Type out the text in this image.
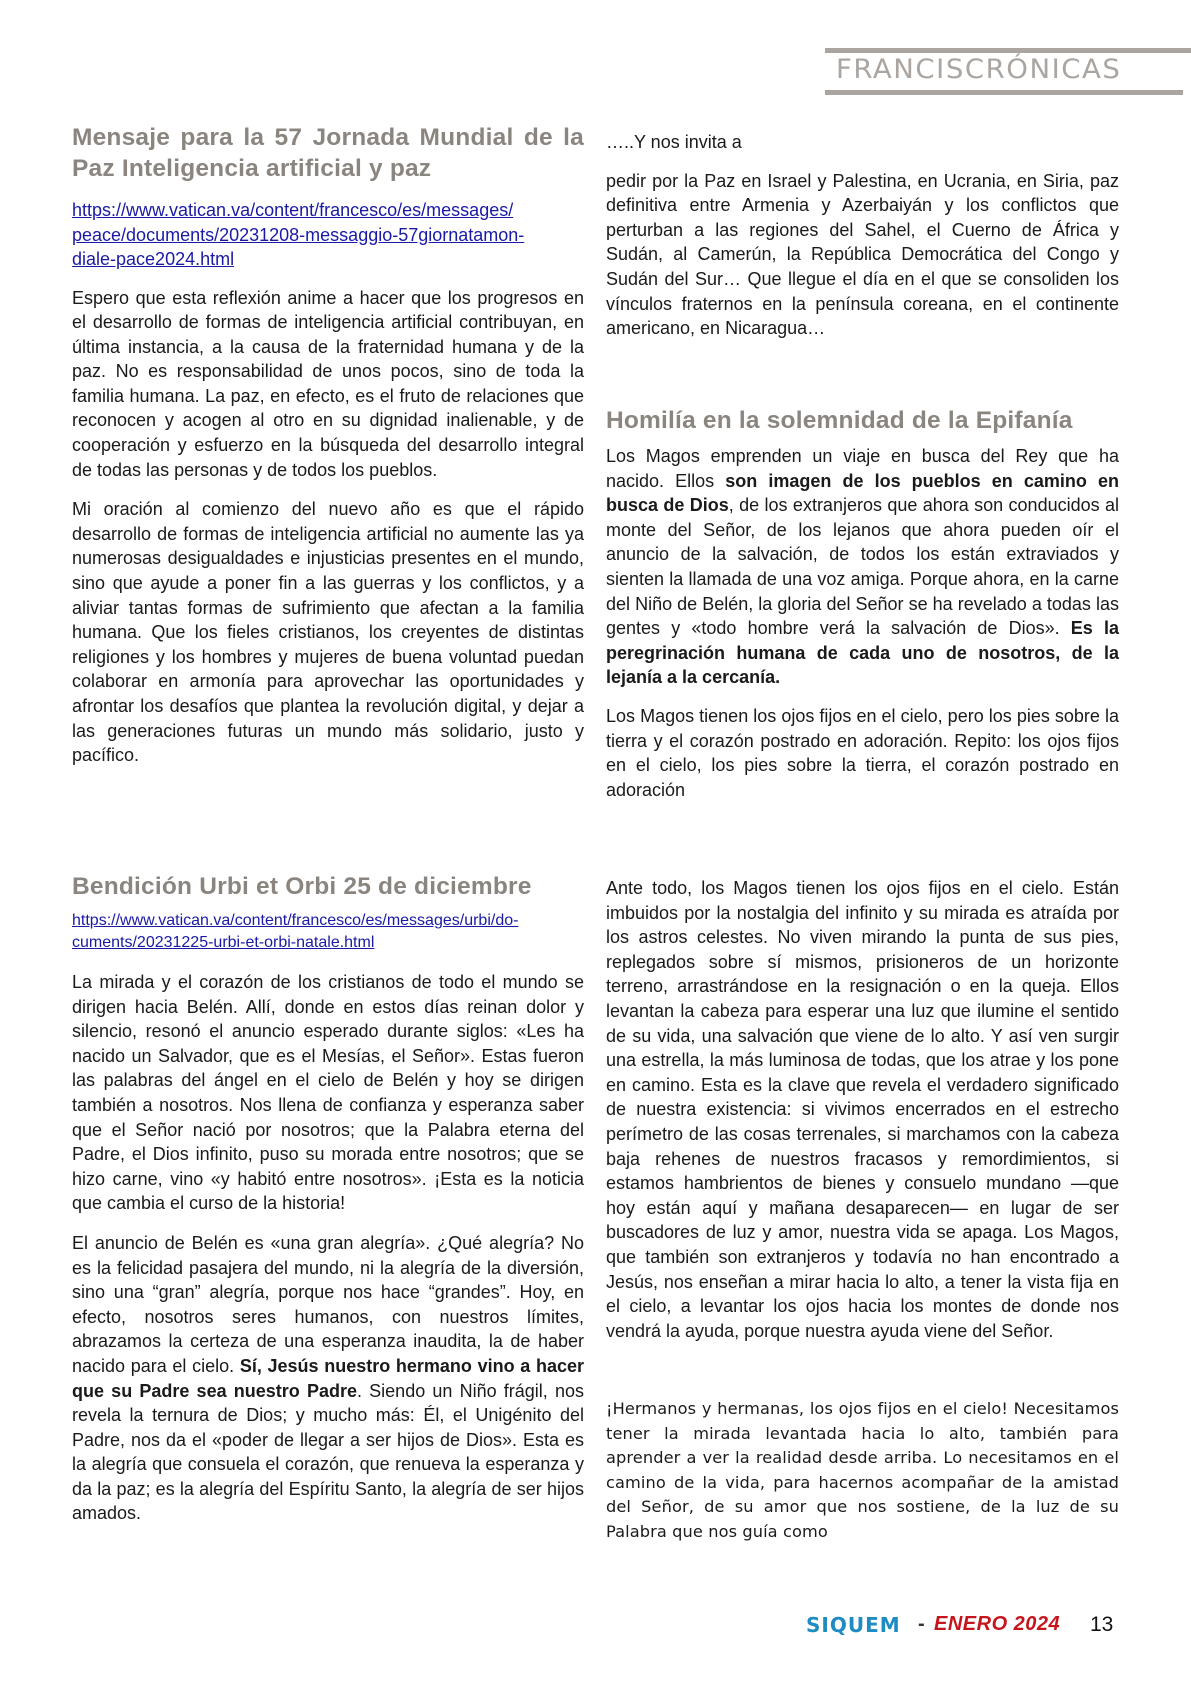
FRANCISCRÓNICAS
Mensaje para la 57 Jornada Mundial de la Paz Inteligencia artificial y paz
https://www.vatican.va/content/francesco/es/messages/
peace/documents/20231208-messaggio-57giornatamon-
diale-pace2024.html

Espero que esta reflexión anime a hacer que los progresos en el desarrollo de formas de inteligencia artificial contribuyan, en última instancia, a la causa de la fraternidad humana y de la paz. No es responsabilidad de unos pocos, sino de toda la familia humana. La paz, en efecto, es el fruto de relaciones que reconocen y acogen al otro en su dignidad inalienable, y de cooperación y esfuerzo en la búsqueda del desarrollo integral de todas las personas y de todos los pueblos.

Mi oración al comienzo del nuevo año es que el rápido desarrollo de formas de inteligencia artificial no aumente las ya numerosas desigualdades e injusticias presentes en el mundo, sino que ayude a poner fin a las guerras y los conflictos, y a aliviar tantas formas de sufrimiento que afectan a la familia humana. Que los fieles cristianos, los creyentes de distintas religiones y los hombres y mujeres de buena voluntad puedan colaborar en armonía para aprovechar las oportunidades y afrontar los desafíos que plantea la revolución digital, y dejar a las generaciones futuras un mundo más solidario, justo y pacífico.

Bendición Urbi et Orbi 25 de diciembre
https://www.vatican.va/content/francesco/es/messages/urbi/do-
cuments/20231225-urbi-et-orbi-natale.html

La mirada y el corazón de los cristianos de todo el mundo se dirigen hacia Belén. Allí, donde en estos días reinan dolor y silencio, resonó el anuncio esperado durante siglos: «Les ha nacido un Salvador, que es el Mesías, el Señor». Estas fueron las palabras del ángel en el cielo de Belén y hoy se dirigen también a nosotros. Nos llena de confianza y esperanza saber que el Señor nació por nosotros; que la Palabra eterna del Padre, el Dios infinito, puso su morada entre nosotros; que se hizo carne, vino «y habitó entre nosotros». ¡Esta es la noticia que cambia el curso de la historia!

El anuncio de Belén es «una gran alegría». ¿Qué alegría? No es la felicidad pasajera del mundo, ni la alegría de la diversión, sino una “gran” alegría, porque nos hace “grandes”. Hoy, en efecto, nosotros seres humanos, con nuestros límites, abrazamos la certeza de una esperanza inaudita, la de haber nacido para el cielo. Sí, Jesús nuestro hermano vino a hacer que su Padre sea nuestro Padre. Siendo un Niño frágil, nos revela la ternura de Dios; y mucho más: Él, el Unigénito del Padre, nos da el «poder de llegar a ser hijos de Dios». Esta es la alegría que consuela el corazón, que renueva la esperanza y da la paz; es la alegría del Espíritu Santo, la alegría de ser hijos amados.

…..Y nos invita a

pedir por la Paz en Israel y Palestina, en Ucrania, en Siria, paz definitiva entre Armenia y Azerbaiyán y los conflictos que perturban a las regiones del Sahel, el Cuerno de África y Sudán, al Camerún, la República Democrática del Congo y Sudán del Sur… Que llegue el día en el que se consoliden los vínculos fraternos en la península coreana, en el continente americano, en Nicaragua…

Homilía en la solemnidad de la Epifanía

Los Magos emprenden un viaje en busca del Rey que ha nacido. Ellos son imagen de los pueblos en camino en busca de Dios, de los extranjeros que ahora son conducidos al monte del Señor, de los lejanos que ahora pueden oír el anuncio de la salvación, de todos los están extraviados y sienten la llamada de una voz amiga. Porque ahora, en la carne del Niño de Belén, la gloria del Señor se ha revelado a todas las gentes y «todo hombre verá la salvación de Dios». Es la peregrinación humana de cada uno de nosotros, de la lejanía a la cercanía.

Los Magos tienen los ojos fijos en el cielo, pero los pies sobre la tierra y el corazón postrado en adoración. Repito: los ojos fijos en el cielo, los pies sobre la tierra, el corazón postrado en adoración

Ante todo, los Magos tienen los ojos fijos en el cielo. Están imbuidos por la nostalgia del infinito y su mirada es atraída por los astros celestes. No viven mirando la punta de sus pies, replegados sobre sí mismos, prisioneros de un horizonte terreno, arrastrándose en la resignación o en la queja. Ellos levantan la cabeza para esperar una luz que ilumine el sentido de su vida, una salvación que viene de lo alto. Y así ven surgir una estrella, la más luminosa de todas, que los atrae y los pone en camino. Esta es la clave que revela el verdadero significado de nuestra existencia: si vivimos encerrados en el estrecho perímetro de las cosas terrenales, si marchamos con la cabeza baja rehenes de nuestros fracasos y remordimientos, si estamos hambrientos de bienes y consuelo mundano —que hoy están aquí y mañana desaparecen— en lugar de ser buscadores de luz y amor, nuestra vida se apaga. Los Magos, que también son extranjeros y todavía no han encontrado a Jesús, nos enseñan a mirar hacia lo alto, a tener la vista fija en el cielo, a levantar los ojos hacia los montes de donde nos vendrá la ayuda, porque nuestra ayuda viene del Señor.

¡Hermanos y hermanas, los ojos fijos en el cielo! Necesitamos tener la mirada levantada hacia lo alto, también para aprender a ver la realidad desde arriba. Lo necesitamos en el camino de la vida, para hacernos acompañar de la amistad del Señor, de su amor que nos sostiene, de la luz de su Palabra que nos guía como

SIQUEM - ENERO 2024 13
